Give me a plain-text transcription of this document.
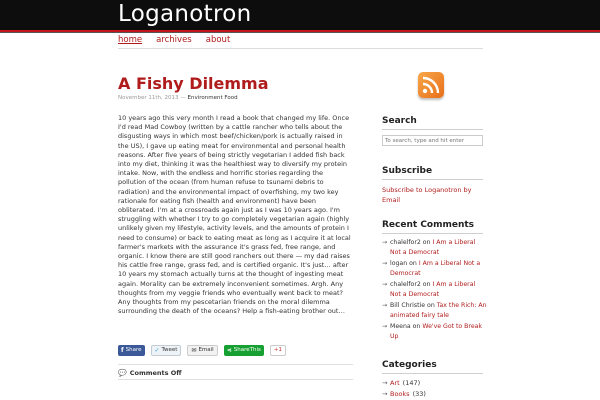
Loganotron
home archives about
A Fishy Dilemma
November 11th, 2013 — Environment Food
10 years ago this very month I read a book that changed my life. Once I'd read Mad Cowboy (written by a cattle rancher who tells about the disgusting ways in which most beef/chicken/pork is actually raised in the US), I gave up eating meat for environmental and personal health reasons. After five years of being strictly vegetarian I added fish back into my diet, thinking it was the healthiest way to diversify my protein intake. Now, with the endless and horrific stories regarding the pollution of the ocean (from human refuse to tsunami debris to radiation) and the environmental impact of overfishing, my two key rationale for eating fish (health and environment) have been obliterated. I'm at a crossroads again just as I was 10 years ago. I'm struggling with whether I try to go completely vegetarian again (highly unlikely given my lifestyle, activity levels, and the amounts of protein I need to consume) or back to eating meat as long as I acquire it at local farmer's markets with the assurance it's grass fed, free range, and organic. I know there are still good ranchers out there — my dad raises his cattle free range, grass fed, and is certified organic. It's just… after 10 years my stomach actually turns at the thought of ingesting meat again. Morality can be extremely inconvenient sometimes. Argh. Any thoughts from my veggie friends who eventually went back to meat? Any thoughts from my pescetarian friends on the moral dilemma surrounding the death of the oceans? Help a fish-eating brother out…
f Share ✓ Tweet ✉ Email ⋖ ShareThis +1
💬 Comments Off
Search
To search, type and hit enter
Subscribe
Subscribe to Loganotron by Email
Recent Comments
→ chalelfor2 on I Am a Liberal Not a Democrat
→ logan on I Am a Liberal Not a Democrat
→ chalelfor2 on I Am a Liberal Not a Democrat
→ Bill Christie on Tax the Rich: An animated fairy tale
→ Meena on We've Got to Break Up
Categories
→ Art (147)
→ Books (33)
